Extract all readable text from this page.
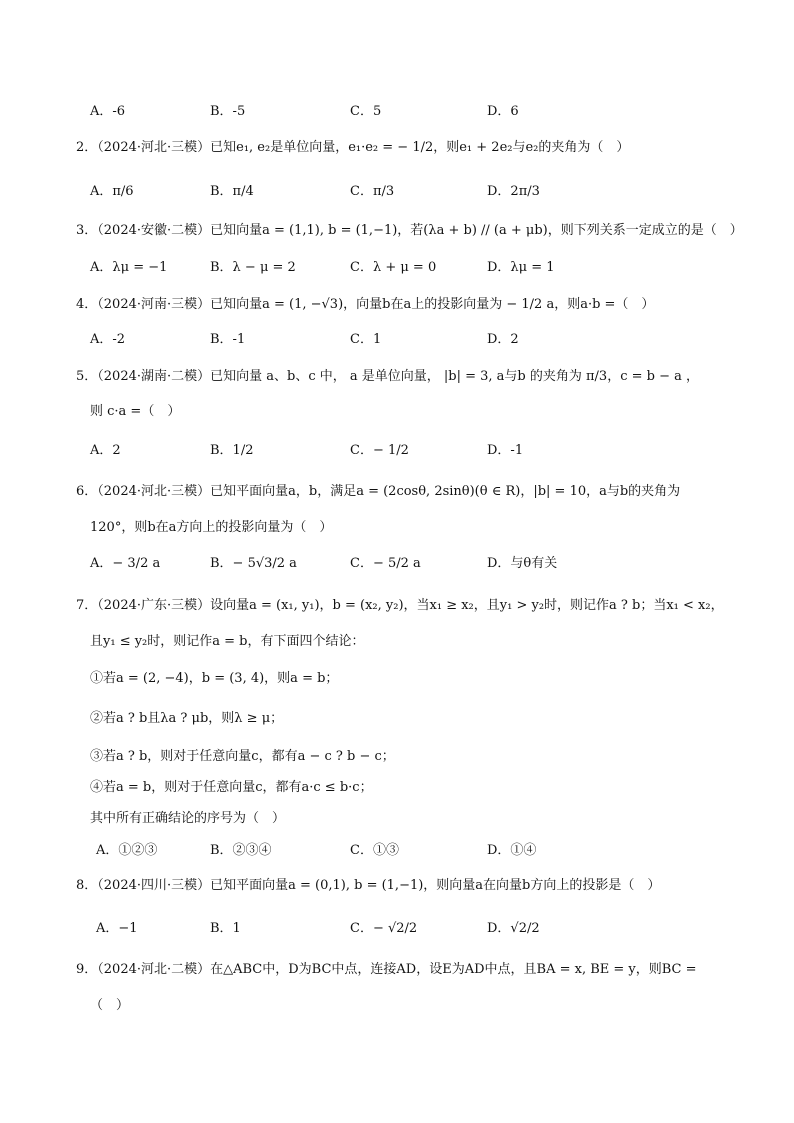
A．-6	B．-5	C．5	D．6
2．（2024·河北·三模）已知e₁, e₂是单位向量，e₁·e₂ = − 1/2，则e₁ + 2e₂与e₂的夹角为（　）
A．π/6	B．π/4	C．π/3	D．2π/3
3．（2024·安徽·二模）已知向量a = (1,1), b = (1,−1)，若(λa + b) // (a + μb)，则下列关系一定成立的是（　）
A．λμ = −1	B．λ − μ = 2	C．λ + μ = 0	D．λμ = 1
4．（2024·河南·三模）已知向量a = (1, −√3)，向量b在a上的投影向量为 − 1/2 a，则a·b =（　）
A．-2	B．-1	C．1	D．2
5．（2024·湖南·二模）已知向量 a、b、c 中， a 是单位向量， |b| = 3, a与b 的夹角为 π/3，c = b − a ，
则 c·a =（　）
A．2	B．1/2	C．− 1/2	D．-1
6．（2024·河北·三模）已知平面向量a，b，满足a = (2cosθ, 2sinθ)(θ ∈ R)，|b| = 10，a与b的夹角为
120°，则b在a方向上的投影向量为（　）
A．− 3/2 a	B．− 5√3/2 a	C．− 5/2 a	D．与θ有关
7．（2024·广东·三模）设向量a = (x₁, y₁)，b = (x₂, y₂)，当x₁ ≥ x₂，且y₁ > y₂时，则记作a ? b；当x₁ < x₂，
且y₁ ≤ y₂时，则记作a = b，有下面四个结论：
①若a = (2, −4)，b = (3, 4)，则a = b；
②若a ? b且λa ? μb，则λ ≥ μ；
③若a ? b，则对于任意向量c，都有a − c ? b − c；
④若a = b，则对于任意向量c，都有a·c ≤ b·c；
其中所有正确结论的序号为（　）
A．①②③	B．②③④	C．①③	D．①④
8．（2024·四川·三模）已知平面向量a = (0,1), b = (1,−1)，则向量a在向量b方向上的投影是（　）
A．−1	B．1	C．− √2/2	D．√2/2
9．（2024·河北·二模）在△ABC中，D为BC中点，连接AD，设E为AD中点，且BA = x, BE = y，则BC =
（　）
